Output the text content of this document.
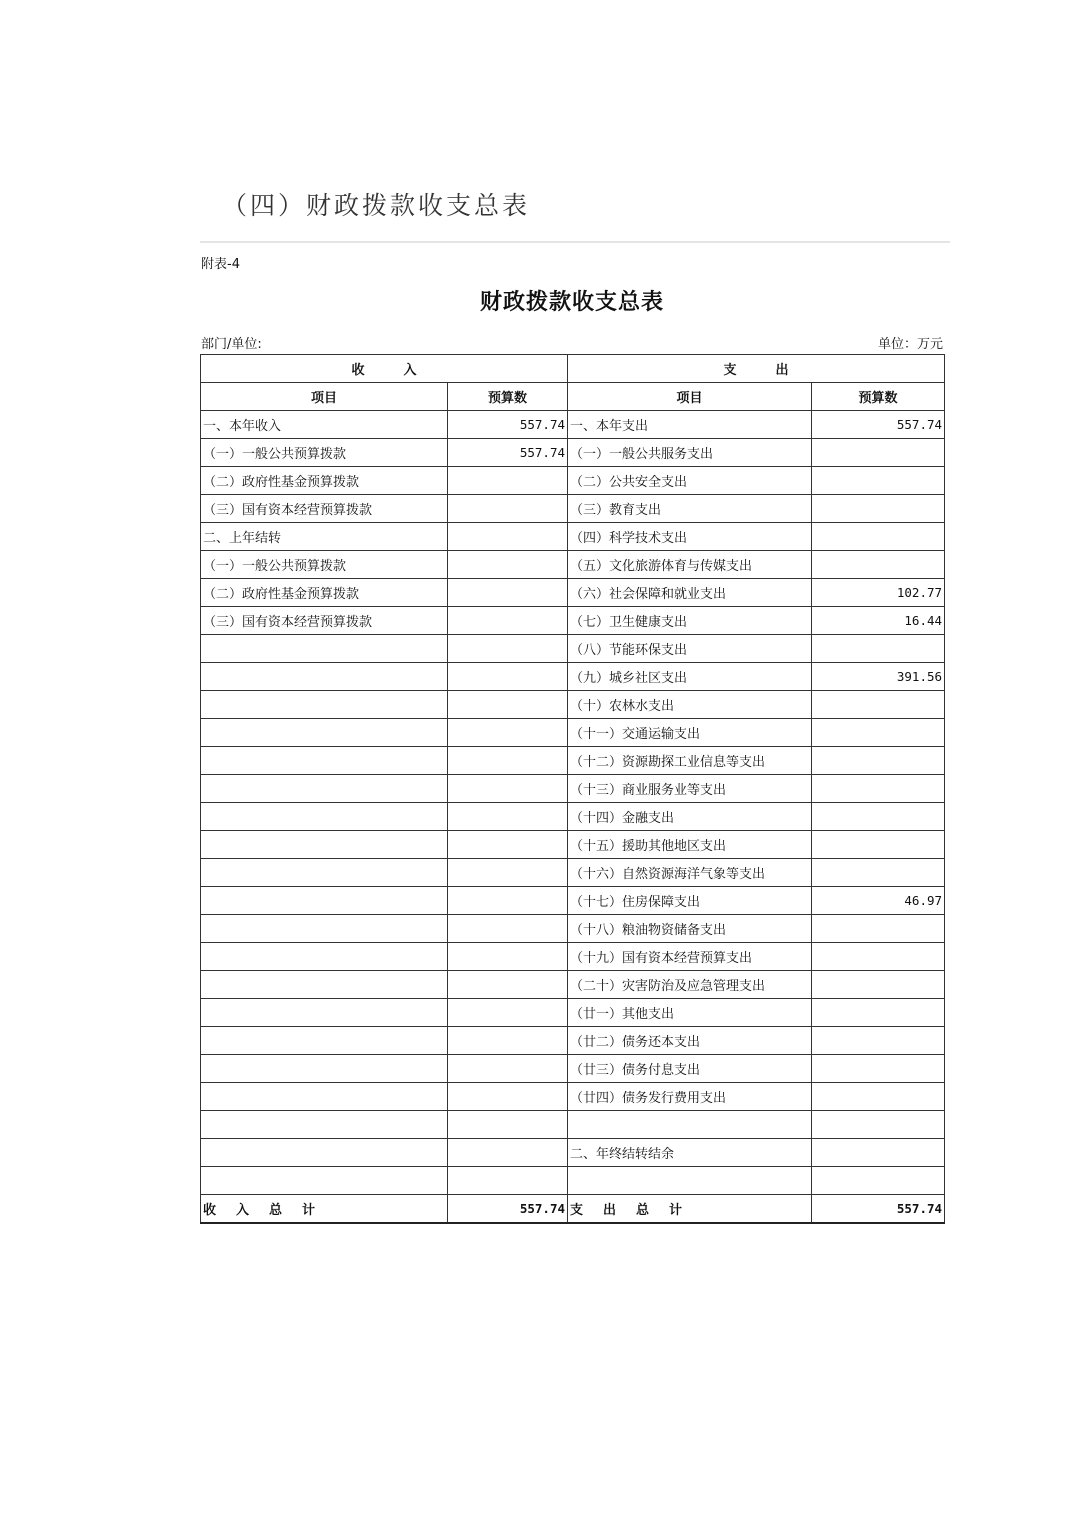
（四）财政拨款收支总表
附表-4
财政拨款收支总表
部门/单位:	单位：万元
收　　　入		支　　　出	
项目	预算数	项目	预算数
一、本年收入	557.74	一、本年支出	557.74
（一）一般公共预算拨款	557.74	（一）一般公共服务支出	
（二）政府性基金预算拨款		（二）公共安全支出	
（三）国有资本经营预算拨款		（三）教育支出	
二、上年结转		（四）科学技术支出	
（一）一般公共预算拨款		（五）文化旅游体育与传媒支出	
（二）政府性基金预算拨款		（六）社会保障和就业支出	102.77
（三）国有资本经营预算拨款		（七）卫生健康支出	16.44
		（八）节能环保支出	
		（九）城乡社区支出	391.56
		（十）农林水支出	
		（十一）交通运输支出	
		（十二）资源勘探工业信息等支出	
		（十三）商业服务业等支出	
		（十四）金融支出	
		（十五）援助其他地区支出	
		（十六）自然资源海洋气象等支出	
		（十七）住房保障支出	46.97
		（十八）粮油物资储备支出	
		（十九）国有资本经营预算支出	
		（二十）灾害防治及应急管理支出	
		（廿一）其他支出	
		（廿二）债务还本支出	
		（廿三）债务付息支出	
		（廿四）债务发行费用支出	

		二、年终结转结余	

收入总计	557.74	支出总计	557.74
